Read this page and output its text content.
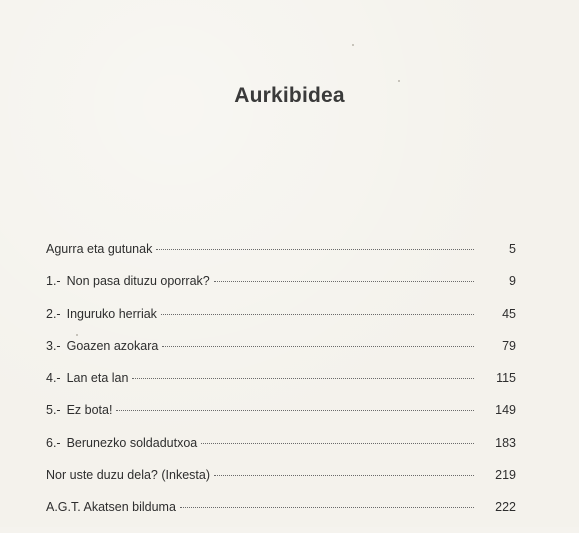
Aurkibidea
Agurra eta gutunak	5
1.- Non pasa dituzu oporrak?	9
2.- Inguruko herriak	45
3.- Goazen azokara	79
4.- Lan eta lan	115
5.- Ez bota!	149
6.- Berunezko soldadutxoa	183
Nor uste duzu dela? (Inkesta)	219
A.G.T. Akatsen bilduma	222
